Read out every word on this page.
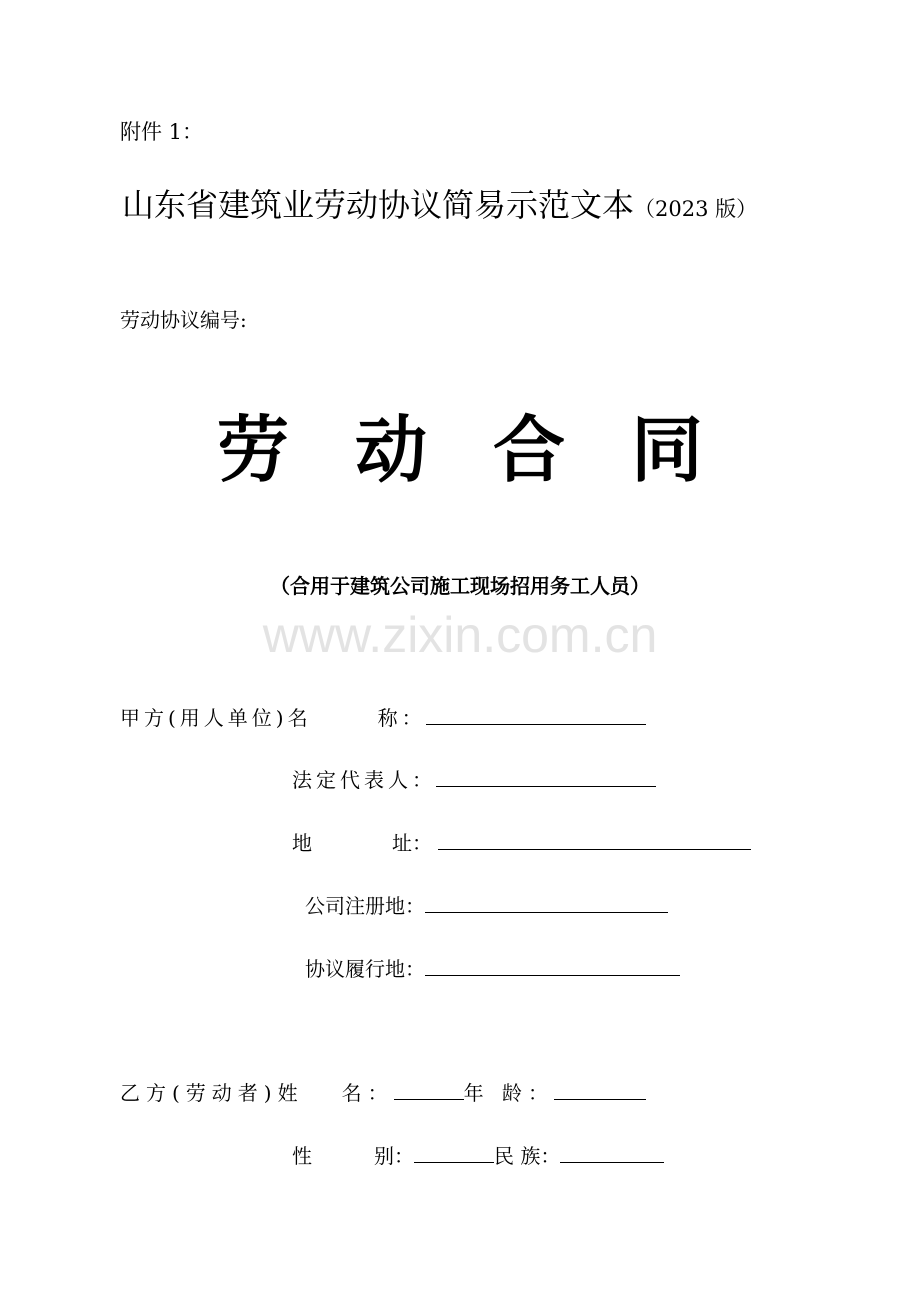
附件 1：
山东省建筑业劳动协议简易示范文本（2023 版）
劳动协议编号:
劳 动 合 同
（合用于建筑公司施工现场招用务工人员）
www.zixin.com.cn
甲方(用人单位)名	称：
法定代表人：
地	址：
公司注册地：
协议履行地：
乙方(劳动者)姓 名：	年 龄：
性	别：	民 族：
